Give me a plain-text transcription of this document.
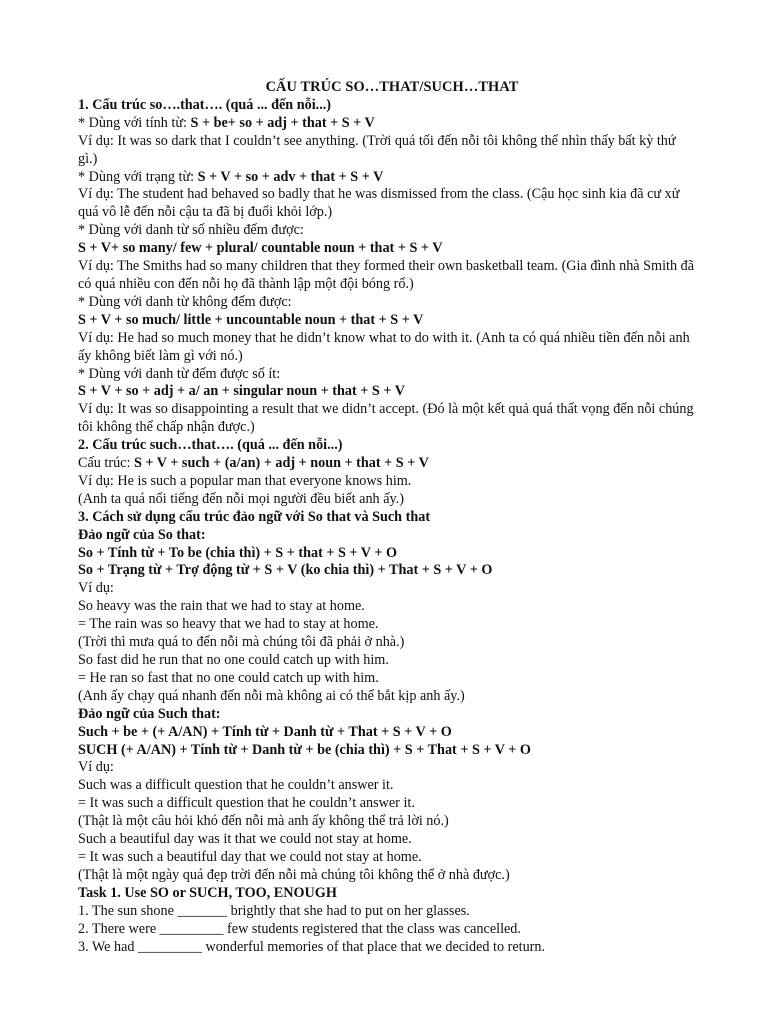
CẤU TRÚC SO…THAT/SUCH…THAT

1. Cấu trúc so….that…. (quá ... đến nỗi...)

* Dùng với tính từ: S + be+ so + adj + that + S + V

Ví dụ: It was so dark that I couldn’t see anything. (Trời quá tối đến nỗi tôi không thể nhìn thấy bất kỳ thứ gì.)

* Dùng với trạng từ: S + V + so + adv + that + S + V

Ví dụ: The student had behaved so badly that he was dismissed from the class. (Cậu học sinh kia đã cư xử quá vô lễ đến nỗi cậu ta đã bị đuổi khỏi lớp.)

* Dùng với danh từ số nhiều đếm được:

S + V+ so many/ few + plural/ countable noun + that + S + V

Ví dụ: The Smiths had so many children that they formed their own basketball team. (Gia đình nhà Smith đã có quá nhiều con đến nỗi họ đã thành lập một đội bóng rổ.)

* Dùng với danh từ không đếm được:

S + V + so much/ little + uncountable noun + that + S + V

Ví dụ: He had so much money that he didn’t know what to do with it. (Anh ta có quá nhiều tiền đến nỗi anh ấy không biết làm gì với nó.)

* Dùng với danh từ đếm được số ít:

S + V + so + adj + a/ an + singular noun + that + S + V

Ví dụ: It was so disappointing a result that we didn’t accept. (Đó là một kết quả quá thất vọng đến nỗi chúng tôi không thể chấp nhận được.)

2. Cấu trúc such…that…. (quá ... đến nỗi...)

Cấu trúc: S + V + such + (a/an) + adj + noun + that + S + V

Ví dụ: He is such a popular man that everyone knows him.

(Anh ta quá nổi tiếng đến nỗi mọi người đều biết anh ấy.)

3. Cách sử dụng cấu trúc đảo ngữ với So that và Such that

Đảo ngữ của So that:

So + Tính từ + To be (chia thì) + S + that + S + V + O

So + Trạng từ + Trợ động từ + S + V (ko chia thì) + That + S + V + O

Ví dụ:

So heavy was the rain that we had to stay at home.

= The rain was so heavy that we had to stay at home.

(Trời thì mưa quá to đến nỗi mà chúng tôi đã phải ở nhà.)

So fast did he run that no one could catch up with him.

= He ran so fast that no one could catch up with him.

(Anh ấy chạy quá nhanh đến nỗi mà không ai có thể bắt kịp anh ấy.)

Đảo ngữ của Such that:

Such + be + (+ A/AN) + Tính từ + Danh từ + That + S + V + O

SUCH (+ A/AN) + Tính từ + Danh từ + be (chia thì) + S + That + S + V + O

Ví dụ:

Such was a difficult question that he couldn’t answer it.

= It was such a difficult question that he couldn’t answer it.

(Thật là một câu hỏi khó đến nỗi mà anh ấy không thể trả lời nó.)

Such a beautiful day was it that we could not stay at home.

= It was such a beautiful day that we could not stay at home.

(Thật là một ngày quá đẹp trời đến nỗi mà chúng tôi không thể ở nhà được.)

Task 1. Use SO or SUCH, TOO, ENOUGH

1. The sun shone _______ brightly that she had to put on her glasses.

2. There were _________ few students registered that the class was cancelled.

3. We had _________ wonderful memories of that place that we decided to return.
